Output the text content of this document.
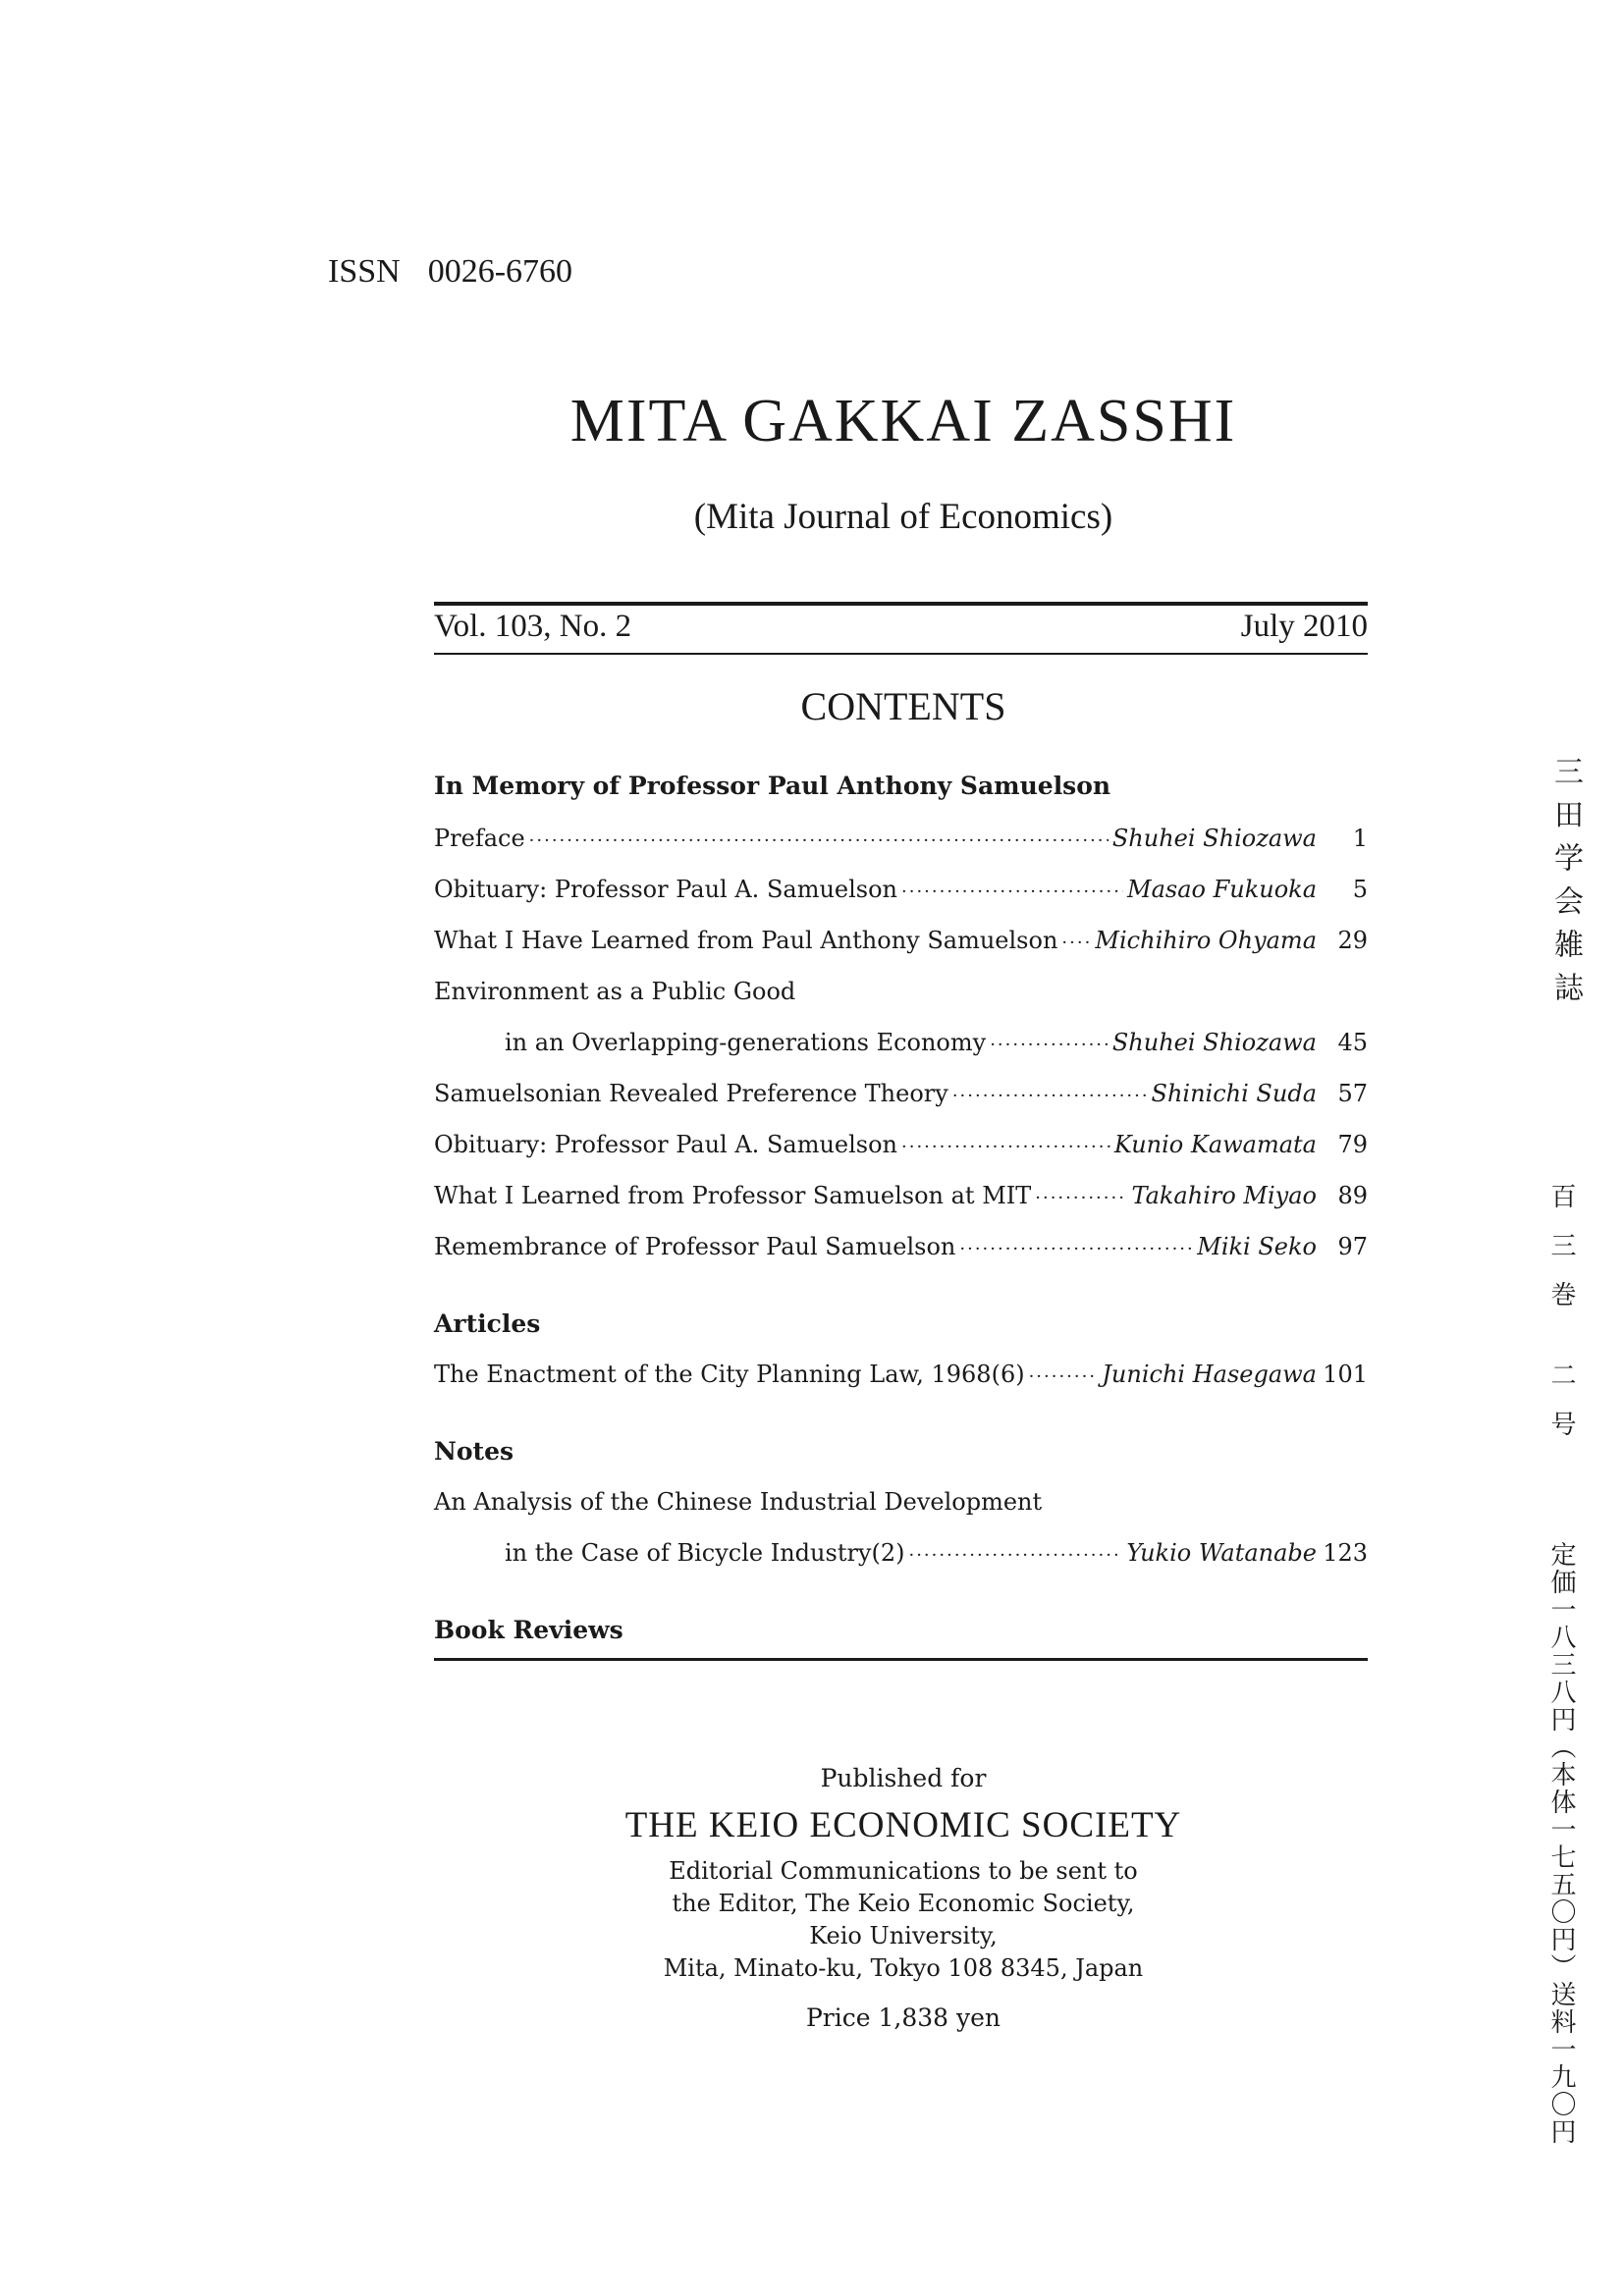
ISSN 0026-6760
MITA GAKKAI ZASSHI
(Mita Journal of Economics)
Vol. 103, No. 2	July 2010
CONTENTS
In Memory of Professor Paul Anthony Samuelson
Preface ·····	Shuhei Shiozawa	1
Obituary: Professor Paul A. Samuelson ·····	Masao Fukuoka	5
What I Have Learned from Paul Anthony Samuelson ····· Michihiro Ohyama 29
Environment as a Public Good
in an Overlapping-generations Economy ·····	Shuhei Shiozawa 45
Samuelsonian Revealed Preference Theory ·····	Shinichi Suda 57
Obituary: Professor Paul A. Samuelson ·····	Kunio Kawamata 79
What I Learned from Professor Samuelson at MIT ·····	Takahiro Miyao 89
Remembrance of Professor Paul Samuelson ·····	Miki Seko 97
Articles
The Enactment of the City Planning Law, 1968(6) ·····	Junichi Hasegawa 101
Notes
An Analysis of the Chinese Industrial Development
in the Case of Bicycle Industry(2) ·····	Yukio Watanabe 123
Book Reviews
Published for
THE KEIO ECONOMIC SOCIETY
Editorial Communications to be sent to
the Editor, The Keio Economic Society,
Keio University,
Mita, Minato-ku, Tokyo 108 8345, Japan
Price 1,838 yen
三田学会雑誌
百三巻 二号
定価一八三八円（本体一七五〇円）送料一九〇円
